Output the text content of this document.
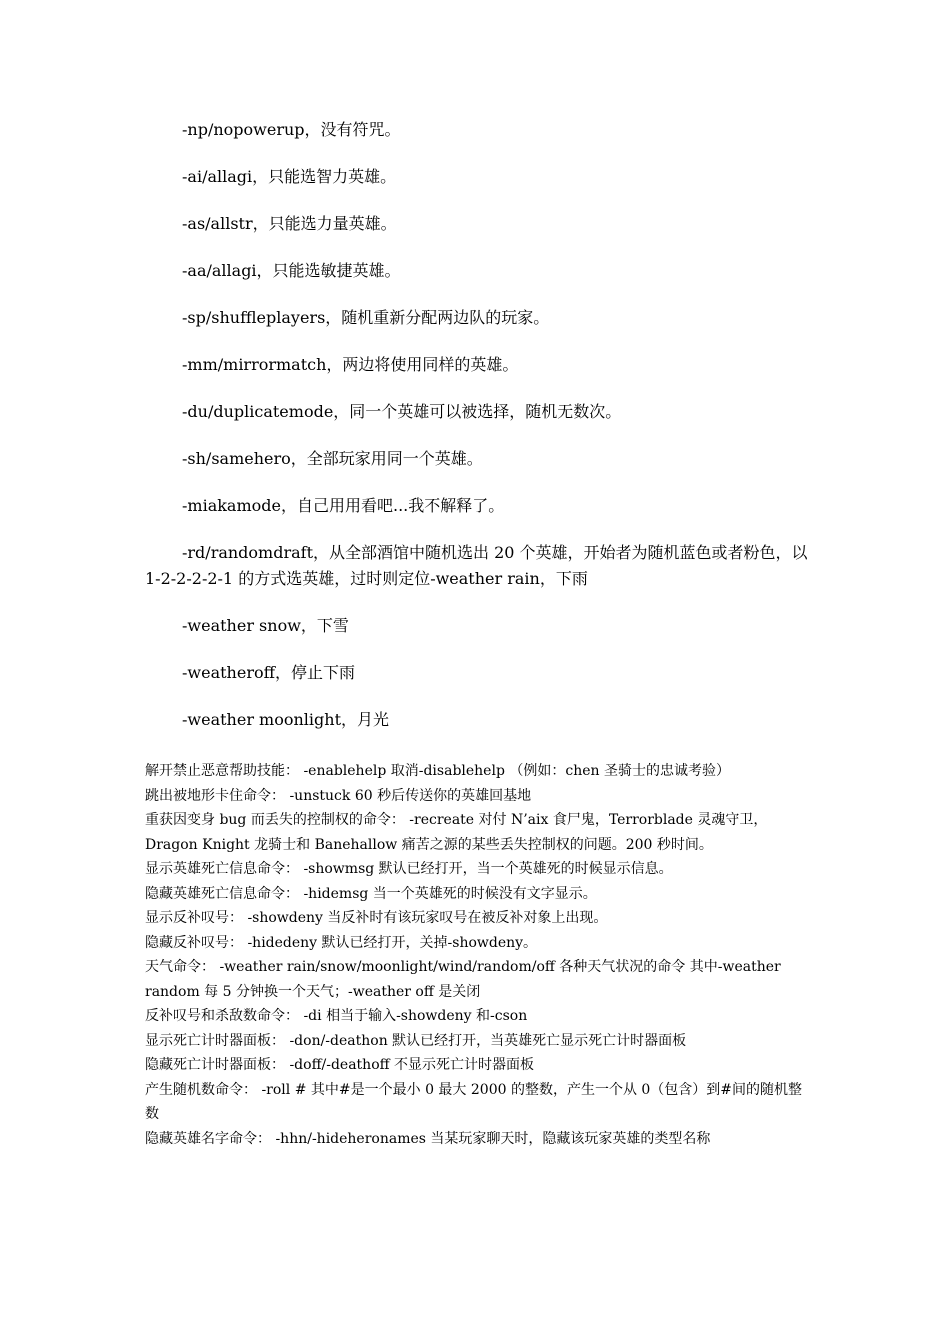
-np/nopowerup，没有符咒。

-ai/allagi，只能选智力英雄。

-as/allstr，只能选力量英雄。

-aa/allagi，只能选敏捷英雄。

-sp/shuffleplayers，随机重新分配两边队的玩家。

-mm/mirrormatch，两边将使用同样的英雄。

-du/duplicatemode，同一个英雄可以被选择，随机无数次。

-sh/samehero，全部玩家用同一个英雄。

-miakamode，自己用用看吧...我不解释了。

-rd/randomdraft，从全部酒馆中随机选出 20 个英雄，开始者为随机蓝色或者粉色，以 1-2-2-2-2-1 的方式选英雄，过时则定位-weather rain，下雨

-weather snow，下雪

-weatheroff，停止下雨

-weather moonlight，月光

解开禁止恶意帮助技能： -enablehelp 取消-disablehelp （例如：chen 圣骑士的忠诚考验）

跳出被地形卡住命令： -unstuck 60 秒后传送你的英雄回基地

重获因变身 bug 而丢失的控制权的命令： -recreate 对付 N’aix 食尸鬼，Terrorblade 灵魂守卫，Dragon Knight 龙骑士和 Banehallow 痛苦之源的某些丢失控制权的问题。200 秒时间。

显示英雄死亡信息命令： -showmsg 默认已经打开，当一个英雄死的时候显示信息。

隐藏英雄死亡信息命令： -hidemsg 当一个英雄死的时候没有文字显示。

显示反补叹号： -showdeny 当反补时有该玩家叹号在被反补对象上出现。

隐藏反补叹号： -hidedeny 默认已经打开，关掉-showdeny。

天气命令： -weather rain/snow/moonlight/wind/random/off 各种天气状况的命令 其中-weather random 每 5 分钟换一个天气；-weather off 是关闭

反补叹号和杀敌数命令： -di 相当于输入-showdeny 和-cson

显示死亡计时器面板： -don/-deathon 默认已经打开，当英雄死亡显示死亡计时器面板

隐藏死亡计时器面板： -doff/-deathoff 不显示死亡计时器面板

产生随机数命令： -roll # 其中#是一个最小 0 最大 2000 的整数，产生一个从 0（包含）到#间的随机整数

隐藏英雄名字命令： -hhn/-hideheronames 当某玩家聊天时，隐藏该玩家英雄的类型名称
